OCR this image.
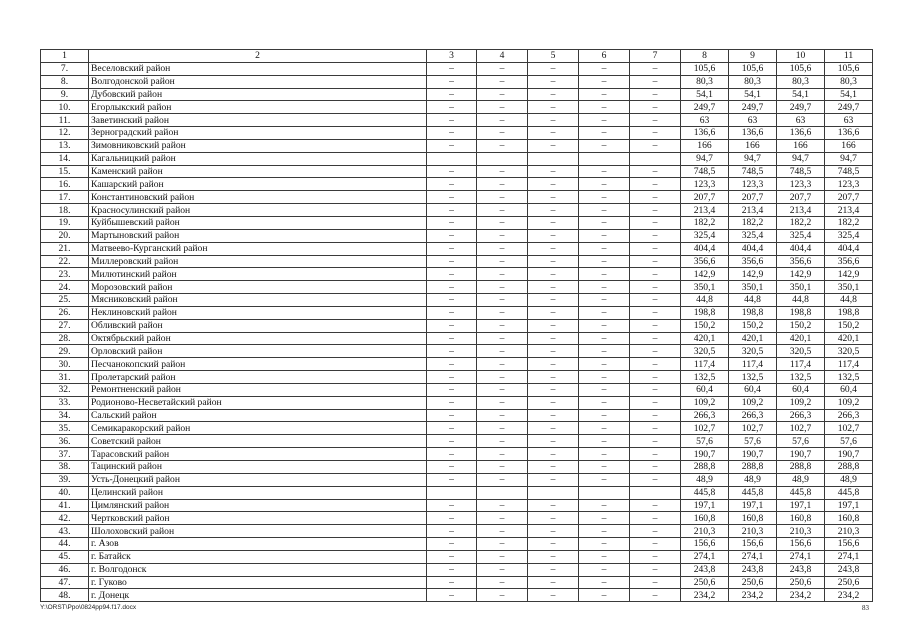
1	2	3	4	5	6	7	8	9	10	11
7.	Веселовский район	–	–	–	–	–	105,6	105,6	105,6	105,6
8.	Волгодонской район	–	–	–	–	–	80,3	80,3	80,3	80,3
9.	Дубовский район	–	–	–	–	–	54,1	54,1	54,1	54,1
10.	Егорлыкский район	–	–	–	–	–	249,7	249,7	249,7	249,7
11.	Заветинский район	–	–	–	–	–	63	63	63	63
12.	Зерноградский район	–	–	–	–	–	136,6	136,6	136,6	136,6
13.	Зимовниковский район	–	–	–	–	–	166	166	166	166
14.	Кагальницкий район						94,7	94,7	94,7	94,7
15.	Каменский район	–	–	–	–	–	748,5	748,5	748,5	748,5
16.	Кашарский район	–	–	–	–	–	123,3	123,3	123,3	123,3
17.	Константиновский район	–	–	–	–	–	207,7	207,7	207,7	207,7
18.	Красносулинский район	–	–	–	–	–	213,4	213,4	213,4	213,4
19.	Куйбышевский район	–	–	–	–	–	182,2	182,2	182,2	182,2
20.	Мартыновский район	–	–	–	–	–	325,4	325,4	325,4	325,4
21.	Матвеево-Курганский район	–	–	–	–	–	404,4	404,4	404,4	404,4
22.	Миллеровский район	–	–	–	–	–	356,6	356,6	356,6	356,6
23.	Милютинский район	–	–	–	–	–	142,9	142,9	142,9	142,9
24.	Морозовский район	–	–	–	–	–	350,1	350,1	350,1	350,1
25.	Мясниковский район	–	–	–	–	–	44,8	44,8	44,8	44,8
26.	Неклиновский район	–	–	–	–	–	198,8	198,8	198,8	198,8
27.	Обливский район	–	–	–	–	–	150,2	150,2	150,2	150,2
28.	Октябрьский район	–	–	–	–	–	420,1	420,1	420,1	420,1
29.	Орловский район	–	–	–	–	–	320,5	320,5	320,5	320,5
30.	Песчанокопский район	–	–	–	–	–	117,4	117,4	117,4	117,4
31.	Пролетарский район	–	–	–	–	–	132,5	132,5	132,5	132,5
32.	Ремонтненский район	–	–	–	–	–	60,4	60,4	60,4	60,4
33.	Родионово-Несветайский район	–	–	–	–	–	109,2	109,2	109,2	109,2
34.	Сальский район	–	–	–	–	–	266,3	266,3	266,3	266,3
35.	Семикаракорский район	–	–	–	–	–	102,7	102,7	102,7	102,7
36.	Советский район	–	–	–	–	–	57,6	57,6	57,6	57,6
37.	Тарасовский район	–	–	–	–	–	190,7	190,7	190,7	190,7
38.	Тацинский район	–	–	–	–	–	288,8	288,8	288,8	288,8
39.	Усть-Донецкий район	–	–	–	–	–	48,9	48,9	48,9	48,9
40.	Целинский район						445,8	445,8	445,8	445,8
41.	Цимлянский район	–	–	–	–	–	197,1	197,1	197,1	197,1
42.	Чертковский район	–	–	–	–	–	160,8	160,8	160,8	160,8
43.	Шолоховский район	–	–	–	–	–	210,3	210,3	210,3	210,3
44.	г. Азов	–	–	–	–	–	156,6	156,6	156,6	156,6
45.	г. Батайск	–	–	–	–	–	274,1	274,1	274,1	274,1
46.	г. Волгодонск	–	–	–	–	–	243,8	243,8	243,8	243,8
47.	г. Гуково	–	–	–	–	–	250,6	250,6	250,6	250,6
48.	г. Донецк	–	–	–	–	–	234,2	234,2	234,2	234,2
Y:\ORST\Ppo\0824pp94.f17.docx	83
